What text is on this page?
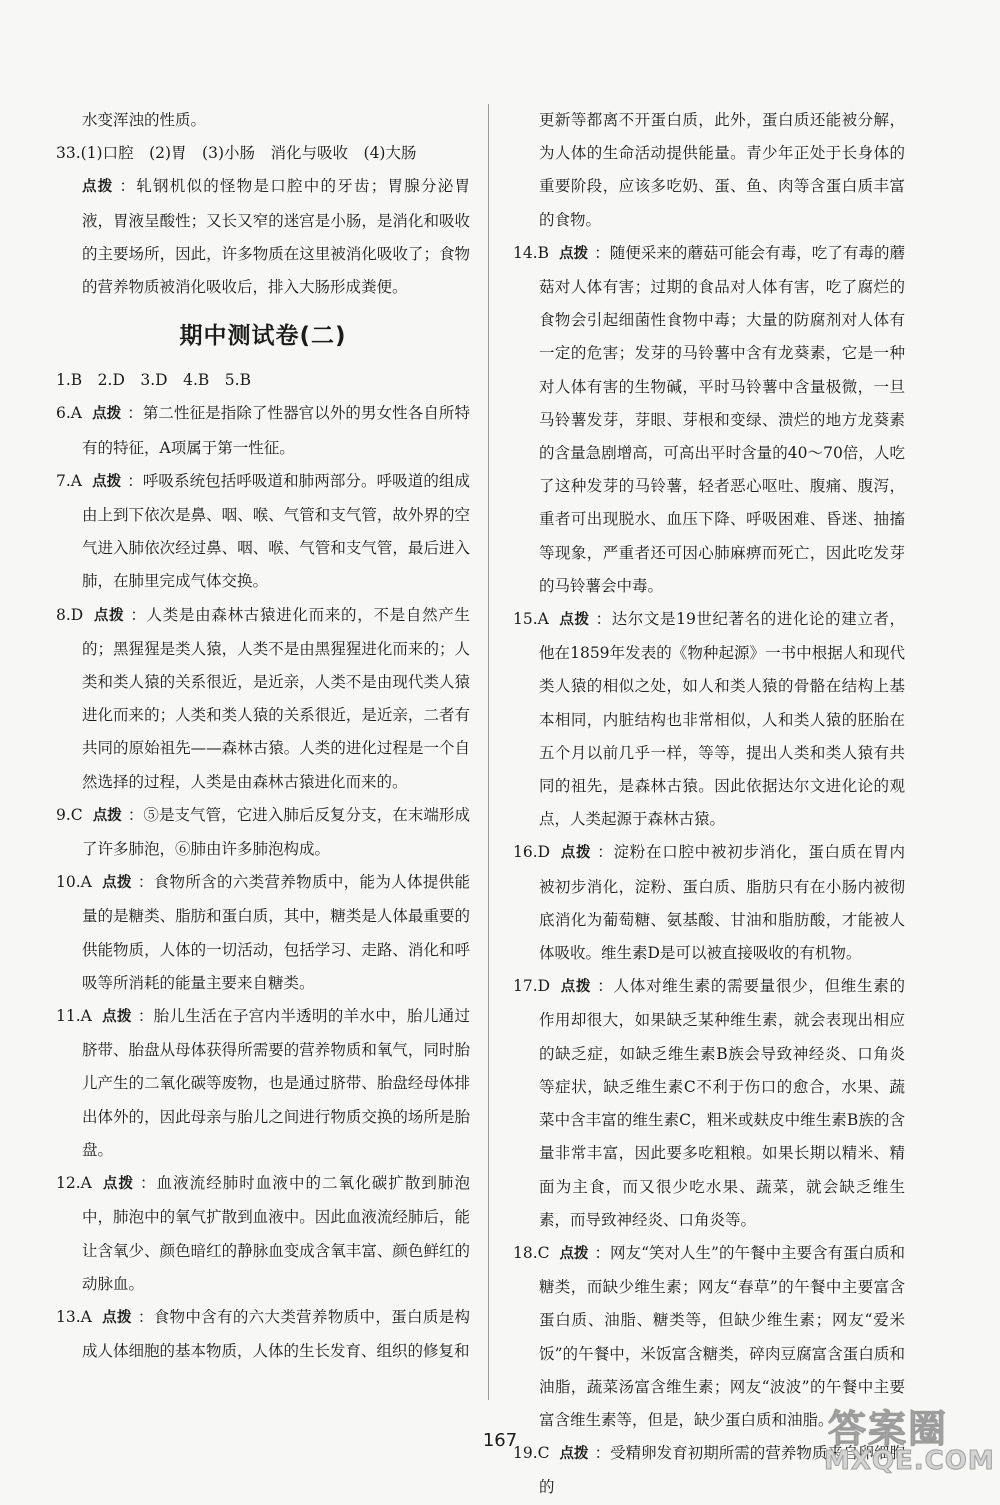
水变浑浊的性质。

33.(1)口腔　(2)胃　(3)小肠　消化与吸收　(4)大肠

点拨 ：轧钢机似的怪物是口腔中的牙齿；胃腺分泌胃液，胃液呈酸性；又长又窄的迷宫是小肠，是消化和吸收的主要场所，因此，许多物质在这里被消化吸收了；食物的营养物质被消化吸收后，排入大肠形成粪便。

期中测试卷(二)

1.B　2.D　3.D　4.B　5.B

6.A 点拨 ：第二性征是指除了性器官以外的男女性各自所特有的特征，A项属于第一性征。

7.A 点拨 ：呼吸系统包括呼吸道和肺两部分。呼吸道的组成由上到下依次是鼻、咽、喉、气管和支气管，故外界的空气进入肺依次经过鼻、咽、喉、气管和支气管，最后进入肺，在肺里完成气体交换。

8.D 点拨 ：人类是由森林古猿进化而来的，不是自然产生的；黑猩猩是类人猿，人类不是由黑猩猩进化而来的；人类和类人猿的关系很近，是近亲，人类不是由现代类人猿进化而来的；人类和类人猿的关系很近，是近亲，二者有共同的原始祖先——森林古猿。人类的进化过程是一个自然选择的过程，人类是由森林古猿进化而来的。

9.C 点拨 ：⑤是支气管，它进入肺后反复分支，在末端形成了许多肺泡，⑥肺由许多肺泡构成。

10.A 点拨 ：食物所含的六类营养物质中，能为人体提供能量的是糖类、脂肪和蛋白质，其中，糖类是人体最重要的供能物质，人体的一切活动，包括学习、走路、消化和呼吸等所消耗的能量主要来自糖类。

11.A 点拨 ：胎儿生活在子宫内半透明的羊水中，胎儿通过脐带、胎盘从母体获得所需要的营养物质和氧气，同时胎儿产生的二氧化碳等废物，也是通过脐带、胎盘经母体排出体外的，因此母亲与胎儿之间进行物质交换的场所是胎盘。

12.A 点拨 ：血液流经肺时血液中的二氧化碳扩散到肺泡中，肺泡中的氧气扩散到血液中。因此血液流经肺后，能让含氧少、颜色暗红的静脉血变成含氧丰富、颜色鲜红的动脉血。

13.A 点拨 ：食物中含有的六大类营养物质中，蛋白质是构成人体细胞的基本物质，人体的生长发育、组织的修复和

更新等都离不开蛋白质，此外，蛋白质还能被分解，为人体的生命活动提供能量。青少年正处于长身体的重要阶段，应该多吃奶、蛋、鱼、肉等含蛋白质丰富的食物。

14.B 点拨 ：随便采来的蘑菇可能会有毒，吃了有毒的蘑菇对人体有害；过期的食品对人体有害，吃了腐烂的食物会引起细菌性食物中毒；大量的防腐剂对人体有一定的危害；发芽的马铃薯中含有龙葵素，它是一种对人体有害的生物碱，平时马铃薯中含量极微，一旦马铃薯发芽，芽眼、芽根和变绿、溃烂的地方龙葵素的含量急剧增高，可高出平时含量的40～70倍，人吃了这种发芽的马铃薯，轻者恶心呕吐、腹痛、腹泻，重者可出现脱水、血压下降、呼吸困难、昏迷、抽搐等现象，严重者还可因心肺麻痹而死亡，因此吃发芽的马铃薯会中毒。

15.A 点拨 ：达尔文是19世纪著名的进化论的建立者，他在1859年发表的《物种起源》一书中根据人和现代类人猿的相似之处，如人和类人猿的骨骼在结构上基本相同，内脏结构也非常相似，人和类人猿的胚胎在五个月以前几乎一样，等等，提出人类和类人猿有共同的祖先，是森林古猿。因此依据达尔文进化论的观点，人类起源于森林古猿。

16.D 点拨 ：淀粉在口腔中被初步消化，蛋白质在胃内被初步消化，淀粉、蛋白质、脂肪只有在小肠内被彻底消化为葡萄糖、氨基酸、甘油和脂肪酸，才能被人体吸收。维生素D是可以被直接吸收的有机物。

17.D 点拨 ：人体对维生素的需要量很少，但维生素的作用却很大，如果缺乏某种维生素，就会表现出相应的缺乏症，如缺乏维生素B族会导致神经炎、口角炎等症状，缺乏维生素C不利于伤口的愈合，水果、蔬菜中含丰富的维生素C，粗米或麸皮中维生素B族的含量非常丰富，因此要多吃粗粮。如果长期以精米、精面为主食，而又很少吃水果、蔬菜，就会缺乏维生素，而导致神经炎、口角炎等。

18.C 点拨 ：网友“笑对人生”的午餐中主要含有蛋白质和糖类，而缺少维生素；网友“春草”的午餐中主要富含蛋白质、油脂、糖类等，但缺少维生素；网友“爱米饭”的午餐中，米饭富含糖类，碎肉豆腐富含蛋白质和油脂，蔬菜汤富含维生素；网友“波波”的午餐中主要富含维生素等，但是，缺少蛋白质和油脂。

19.C 点拨 ：受精卵发育初期所需的营养物质来自卵细胞的

167	答案圈
MXQE.COM
